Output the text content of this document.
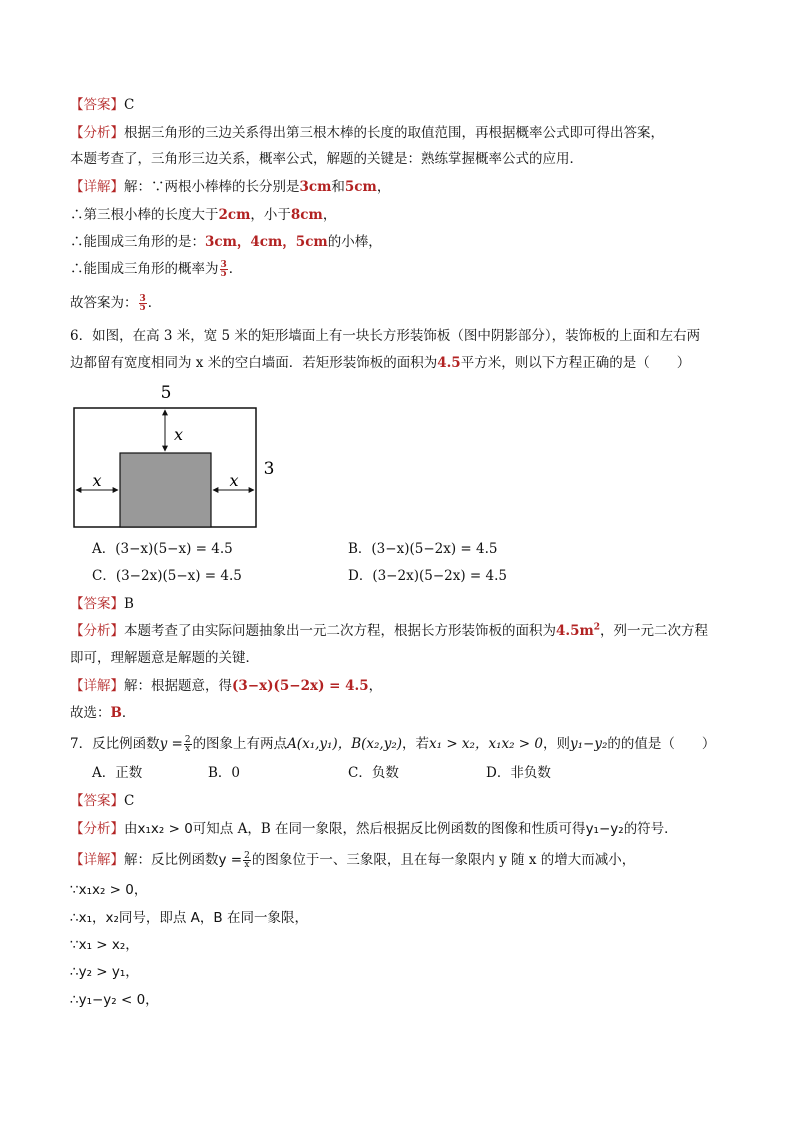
【答案】C
【分析】根据三角形的三边关系得出第三根木棒的长度的取值范围，再根据概率公式即可得出答案，
本题考查了，三角形三边关系，概率公式，解题的关键是：熟练掌握概率公式的应用．
【详解】解：∵两根小棒棒的长分别是3cm和5cm，
∴第三根小棒的长度大于2cm，小于8cm，
∴能围成三角形的是：3cm，4cm，5cm的小棒，
∴能围成三角形的概率为 $\frac{3}{5}$ ．
故答案为： $\frac{3}{5}$ ．
6．如图，在高 3 米，宽 5 米的矩形墙面上有一块长方形装饰板（图中阴影部分），装饰板的上面和左右两
边都留有宽度相同为 x 米的空白墙面．若矩形装饰板的面积为4.5平方米，则以下方程正确的是（　　）
5
3
x
x	x
A．(3−x)(5−x) = 4.5	B．(3−x)(5−2x) = 4.5
C．(3−2x)(5−x) = 4.5	D．(3−2x)(5−2x) = 4.5
【答案】B
【分析】本题考查了由实际问题抽象出一元二次方程，根据长方形装饰板的面积为$4.5m^2$，列一元二次方程
即可，理解题意是解题的关键．
【详解】解：根据题意，得(3−x)(5−2x) = 4.5，
故选：B．
7．反比例函数$y = \frac{2}{x}$ 的图象上有两点A(x₁,y₁)，B(x₂,y₂)，若x₁ > x₂，x₁x₂ > 0，则y₁−y₂的的值是（　　）
A．正数	B．0	C．负数	D．非负数
【答案】C
【分析】由x₁x₂ > 0可知点 A，B 在同一象限，然后根据反比例函数的图像和性质可得y₁−y₂的符号．
【详解】解：反比例函数$y = \frac{2}{x}$ 的图象位于一、三象限，且在每一象限内 y 随 x 的增大而减小，
∵x₁x₂ > 0，
∴x₁，x₂同号，即点 A，B 在同一象限，
∵x₁ > x₂，
∴y₂ > y₁，
∴y₁−y₂ < 0，
